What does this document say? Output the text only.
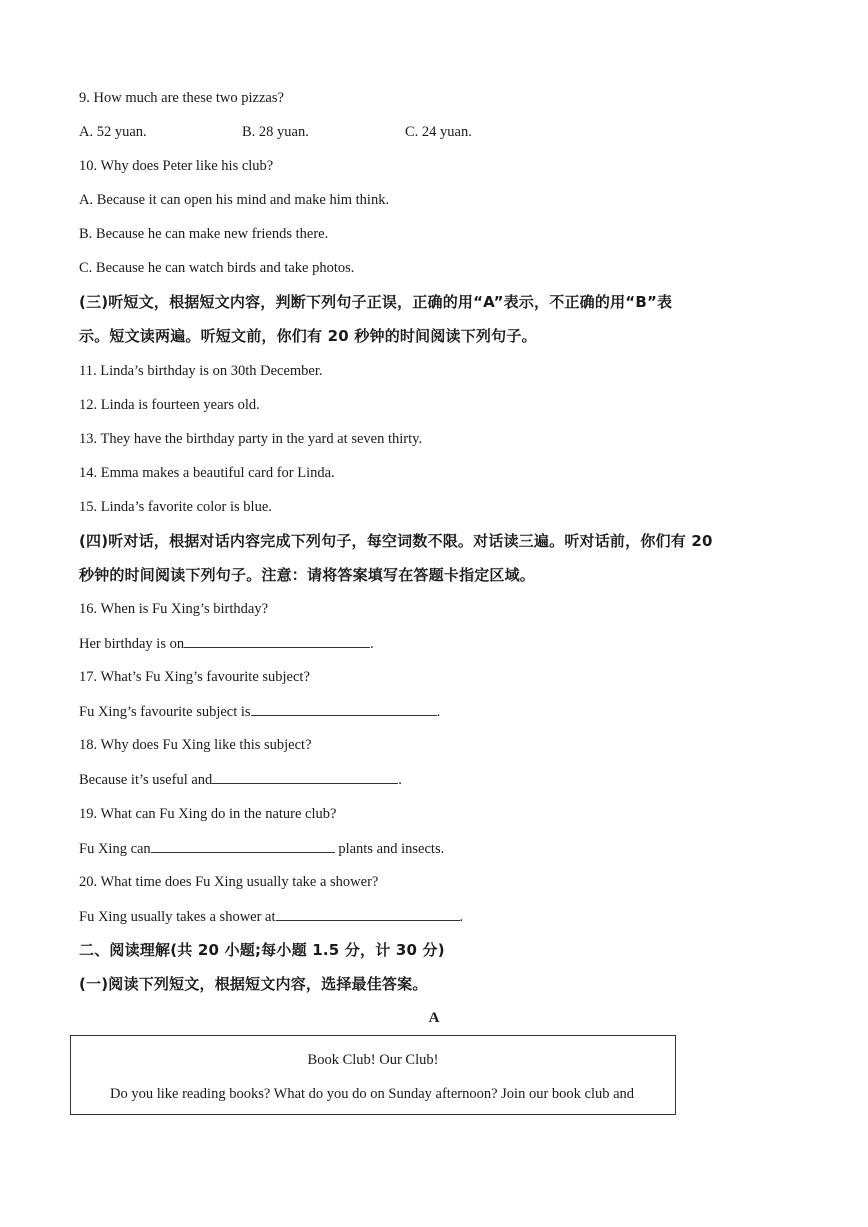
9. How much are these two pizzas?
A. 52 yuan.	B. 28 yuan.	C. 24 yuan.
10. Why does Peter like his club?
A. Because it can open his mind and make him think.
B. Because he can make new friends there.
C. Because he can watch birds and take photos.
(三)听短文，根据短文内容，判断下列句子正误，正确的用“A”表示，不正确的用“B”表
示。短文读两遍。听短文前，你们有 20 秒钟的时间阅读下列句子。
11. Linda’s birthday is on 30th December.
12. Linda is fourteen years old.
13. They have the birthday party in the yard at seven thirty.
14. Emma makes a beautiful card for Linda.
15. Linda’s favorite color is blue.
(四)听对话，根据对话内容完成下列句子，每空词数不限。对话读三遍。听对话前，你们有 20
秒钟的时间阅读下列句子。注意：请将答案填写在答题卡指定区域。
16. When is Fu Xing’s birthday?
Her birthday is on	.
17. What’s Fu Xing’s favourite subject?
Fu Xing’s favourite subject is	.
18. Why does Fu Xing like this subject?
Because it’s useful and	.
19. What can Fu Xing do in the nature club?
Fu Xing can	plants and insects.
20. What time does Fu Xing usually take a shower?
Fu Xing usually takes a shower at	.
二、阅读理解(共 20 小题;每小题 1.5 分，计 30 分)
(一)阅读下列短文，根据短文内容，选择最佳答案。
A
Book Club! Our Club!
Do you like reading books? What do you do on Sunday afternoon? Join our book club and
